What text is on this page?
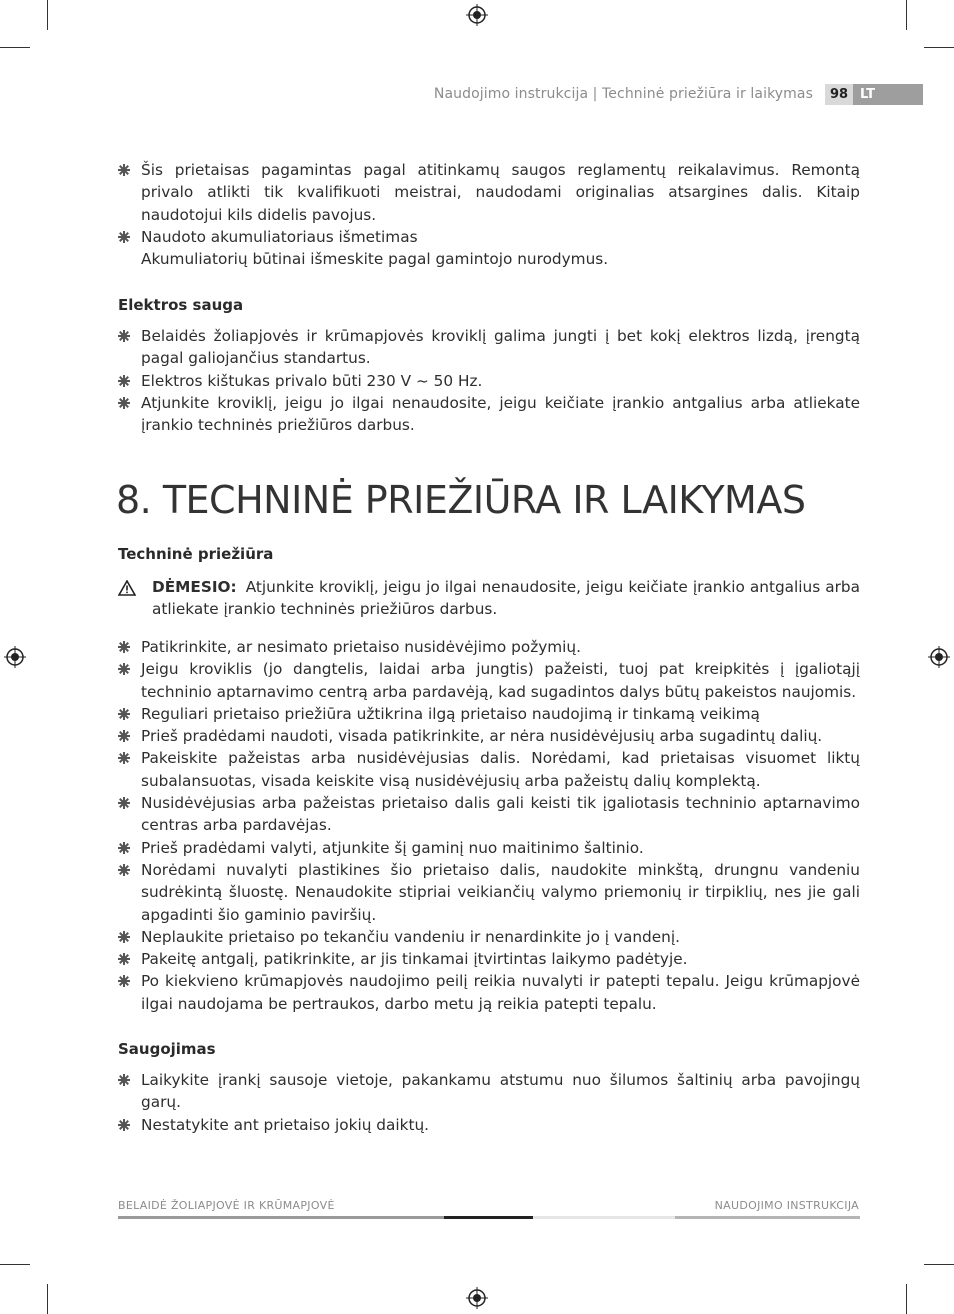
Naudojimo instrukcija | Techninė priežiūra ir laikymas	98 LT
Šis prietaisas pagamintas pagal atitinkamų saugos reglamentų reikalavimus. Remontą privalo atlikti tik kvalifikuoti meistrai, naudodami originalias atsargines dalis. Kitaip naudotojui kils didelis pavojus.
Naudoto akumuliatoriaus išmetimas
Akumuliatorių būtinai išmeskite pagal gamintojo nurodymus.
Elektros sauga
Belaidės žoliapjovės ir krūmapjovės kroviklį galima jungti į bet kokį elektros lizdą, įrengtą pagal galiojančius standartus.
Elektros kištukas privalo būti 230 V ~ 50 Hz.
Atjunkite kroviklį, jeigu jo ilgai nenaudosite, jeigu keičiate įrankio antgalius arba atliekate įrankio techninės priežiūros darbus.
8. TECHNINĖ PRIEŽIŪRA IR LAIKYMAS
Techninė priežiūra
DĖMESIO: Atjunkite kroviklį, jeigu jo ilgai nenaudosite, jeigu keičiate įrankio antgalius arba atliekate įrankio techninės priežiūros darbus.
Patikrinkite, ar nesimato prietaiso nusidėvėjimo požymių.
Jeigu kroviklis (jo dangtelis, laidai arba jungtis) pažeisti, tuoj pat kreipkitės į įgaliotąjį techninio aptarnavimo centrą arba pardavėją, kad sugadintos dalys būtų pakeistos naujomis.
Reguliari prietaiso priežiūra užtikrina ilgą prietaiso naudojimą ir tinkamą veikimą
Prieš pradėdami naudoti, visada patikrinkite, ar nėra nusidėvėjusių arba sugadintų dalių.
Pakeiskite pažeistas arba nusidėvėjusias dalis. Norėdami, kad prietaisas visuomet liktų subalansuotas, visada keiskite visą nusidėvėjusių arba pažeistų dalių komplektą.
Nusidėvėjusias arba pažeistas prietaiso dalis gali keisti tik įgaliotasis techninio aptarnavimo centras arba pardavėjas.
Prieš pradėdami valyti, atjunkite šį gaminį nuo maitinimo šaltinio.
Norėdami nuvalyti plastikines šio prietaiso dalis, naudokite minkštą, drungnu vandeniu sudrėkintą šluostę. Nenaudokite stipriai veikiančių valymo priemonių ir tirpiklių, nes jie gali apgadinti šio gaminio paviršių.
Neplaukite prietaiso po tekančiu vandeniu ir nenardinkite jo į vandenį.
Pakeitę antgalį, patikrinkite, ar jis tinkamai įtvirtintas laikymo padėtyje.
Po kiekvieno krūmapjovės naudojimo peilį reikia nuvalyti ir patepti tepalu. Jeigu krūmapjovė ilgai naudojama be pertraukos, darbo metu ją reikia patepti tepalu.
Saugojimas
Laikykite įrankį sausoje vietoje, pakankamu atstumu nuo šilumos šaltinių arba pavojingų garų.
Nestatykite ant prietaiso jokių daiktų.
BELAIDĖ ŽOLIAPJOVĖ IR KRŪMAPJOVĖ	NAUDOJIMO INSTRUKCIJA
